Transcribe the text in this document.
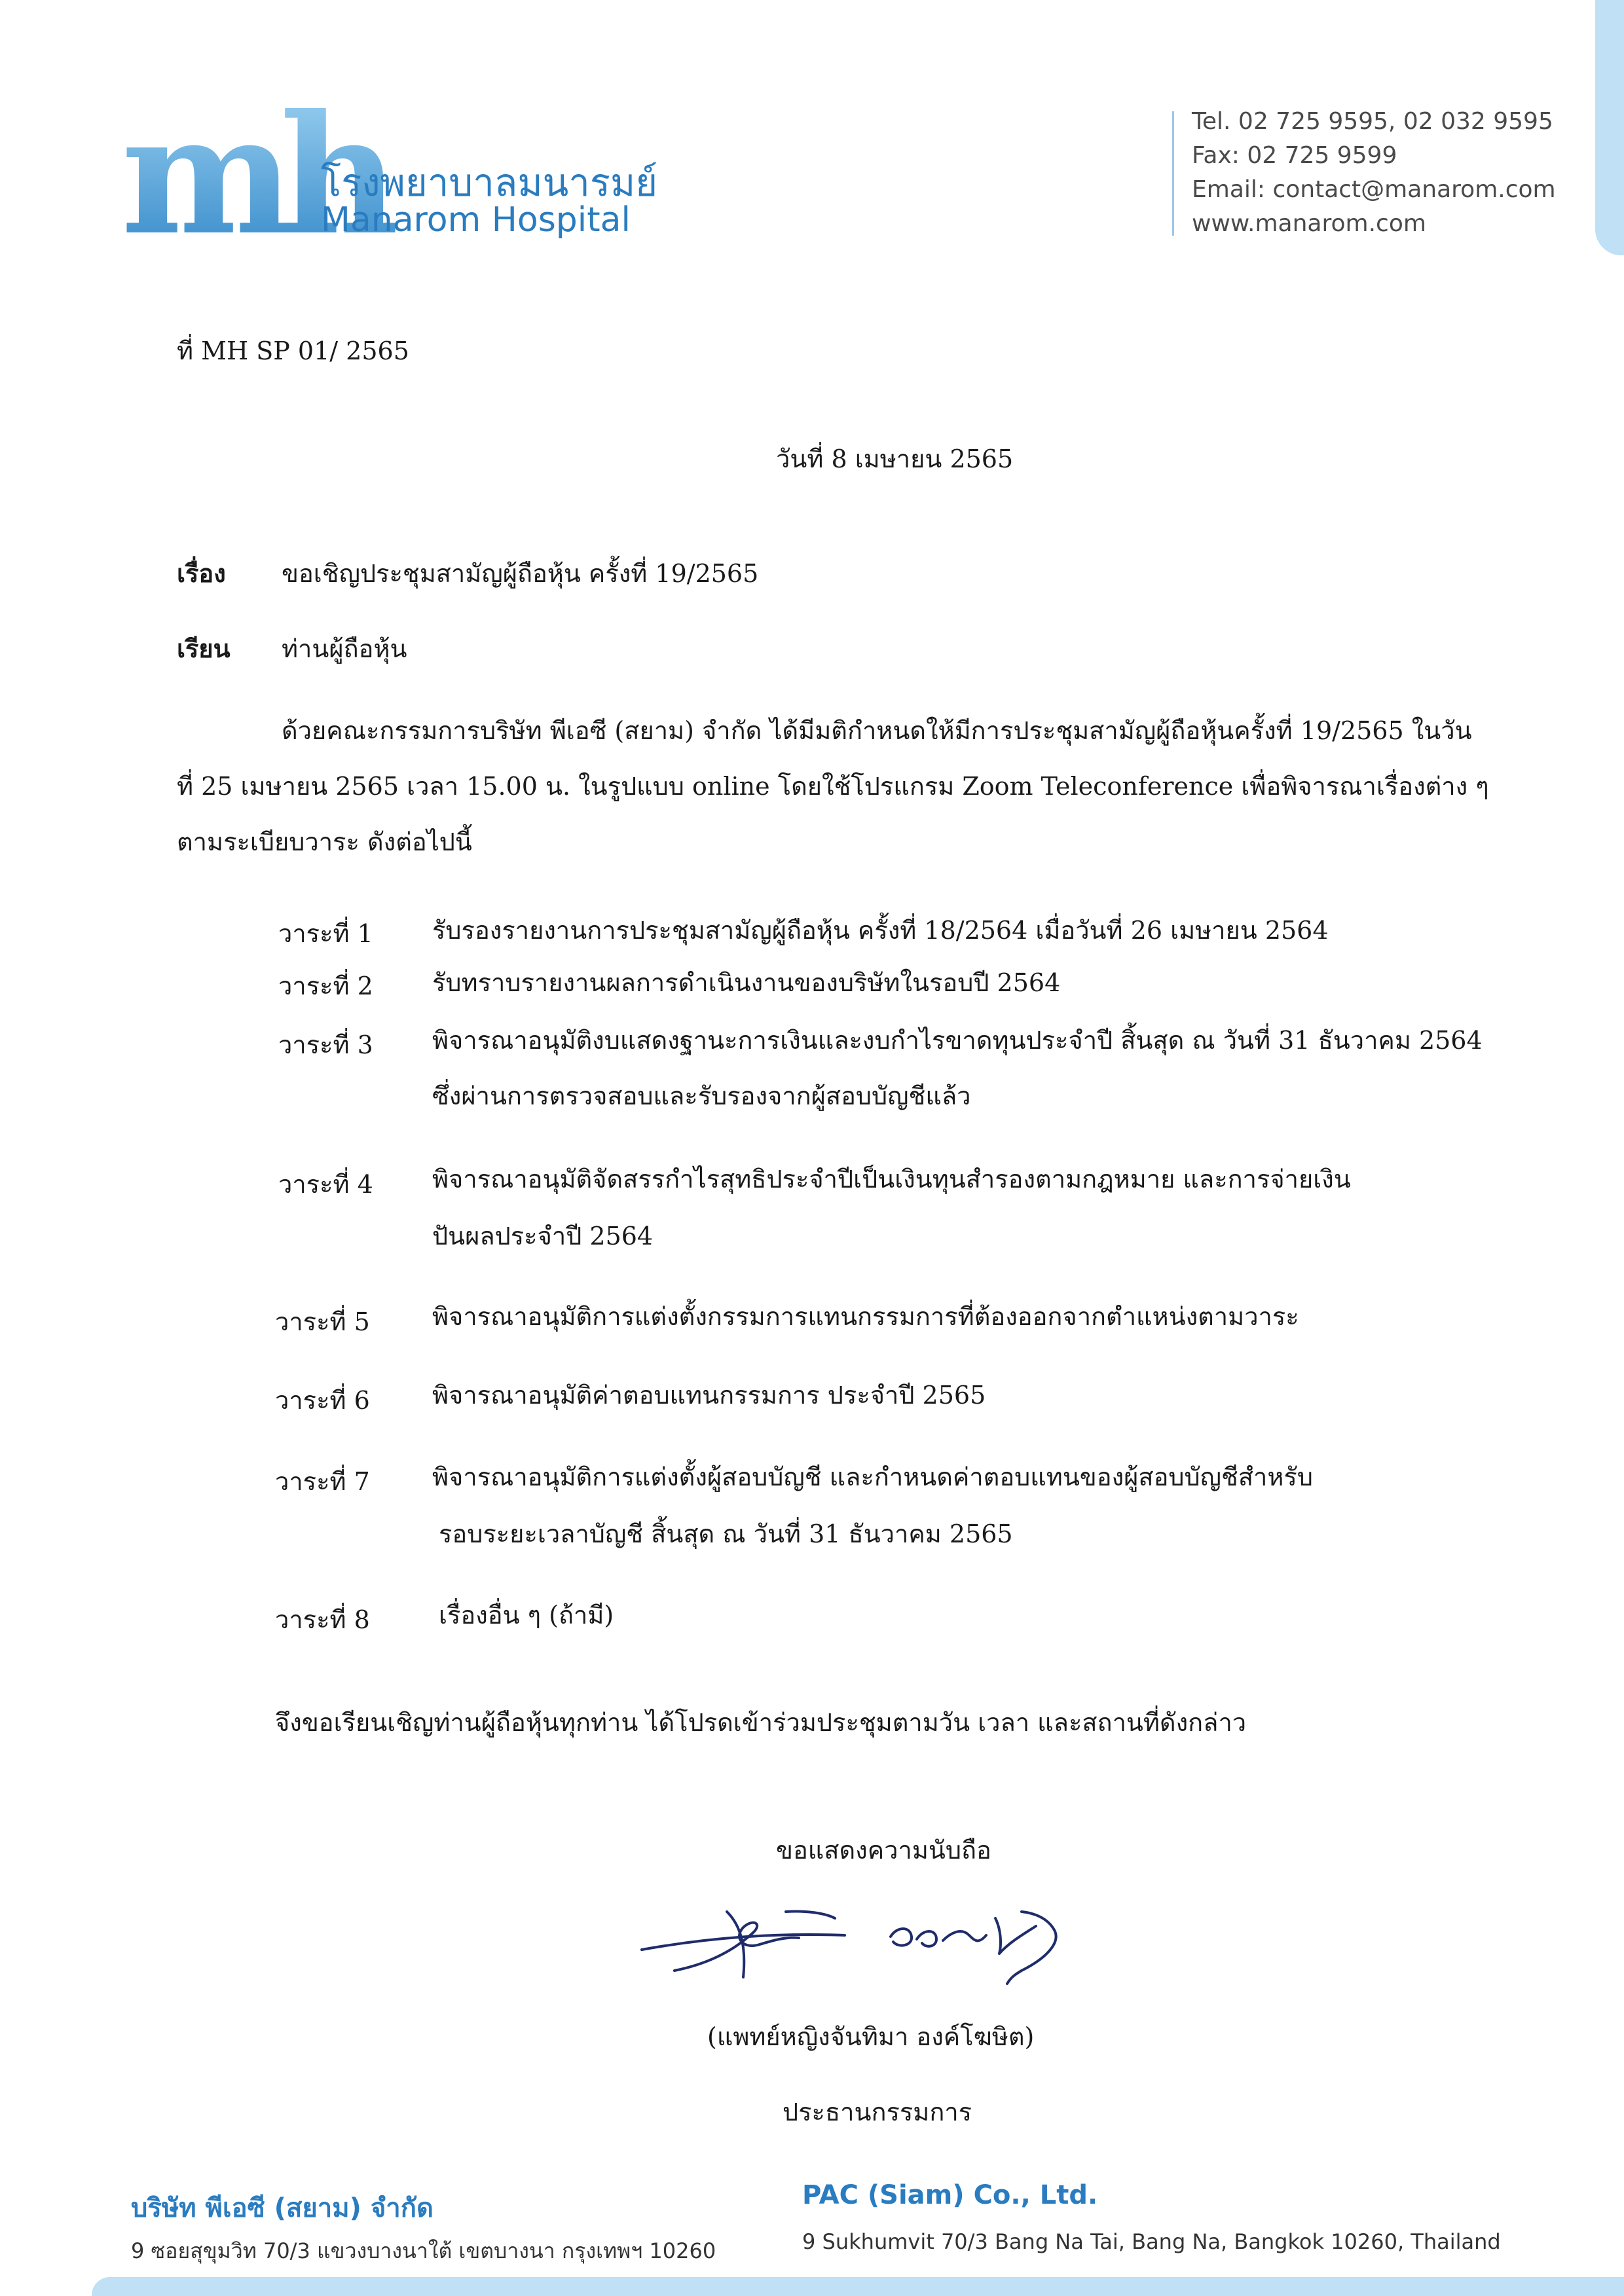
mh
โรงพยาบาลมนารมย์
Manarom Hospital
Tel. 02 725 9595, 02 032 9595
Fax: 02 725 9599
Email: contact@manarom.com
www.manarom.com
ที่ MH SP 01/ 2565
วันที่ 8 เมษายน 2565
เรื่อง ขอเชิญประชุมสามัญผู้ถือหุ้น ครั้งที่ 19/2565
เรียน ท่านผู้ถือหุ้น
ด้วยคณะกรรมการบริษัท พีเอซี (สยาม) จำกัด ได้มีมติกำหนดให้มีการประชุมสามัญผู้ถือหุ้นครั้งที่ 19/2565 ในวัน
ที่ 25 เมษายน 2565 เวลา 15.00 น. ในรูปแบบ online โดยใช้โปรแกรม Zoom Teleconference เพื่อพิจารณาเรื่องต่าง ๆ
ตามระเบียบวาระ ดังต่อไปนี้
วาระที่ 1 รับรองรายงานการประชุมสามัญผู้ถือหุ้น ครั้งที่ 18/2564 เมื่อวันที่ 26 เมษายน 2564
วาระที่ 2 รับทราบรายงานผลการดำเนินงานของบริษัทในรอบปี 2564
วาระที่ 3 พิจารณาอนุมัติงบแสดงฐานะการเงินและงบกำไรขาดทุนประจำปี สิ้นสุด ณ วันที่ 31 ธันวาคม 2564
ซึ่งผ่านการตรวจสอบและรับรองจากผู้สอบบัญชีแล้ว
วาระที่ 4 พิจารณาอนุมัติจัดสรรกำไรสุทธิประจำปีเป็นเงินทุนสำรองตามกฎหมาย และการจ่ายเงิน
ปันผลประจำปี 2564
วาระที่ 5	พิจารณาอนุมัติการแต่งตั้งกรรมการแทนกรรมการที่ต้องออกจากตำแหน่งตามวาระ
วาระที่ 6	พิจารณาอนุมัติค่าตอบแทนกรรมการ ประจำปี 2565
วาระที่ 7	พิจารณาอนุมัติการแต่งตั้งผู้สอบบัญชี และกำหนดค่าตอบแทนของผู้สอบบัญชีสำหรับ
รอบระยะเวลาบัญชี สิ้นสุด ณ วันที่ 31 ธันวาคม 2565
วาระที่ 8	เรื่องอื่น ๆ (ถ้ามี)
จึงขอเรียนเชิญท่านผู้ถือหุ้นทุกท่าน ได้โปรดเข้าร่วมประชุมตามวัน เวลา และสถานที่ดังกล่าว
ขอแสดงความนับถือ
(แพทย์หญิงจันทิมา องค์โฆษิต)
ประธานกรรมการ
บริษัท พีเอซี (สยาม) จำกัด
9 ซอยสุขุมวิท 70/3 แขวงบางนาใต้ เขตบางนา กรุงเทพฯ 10260
PAC (Siam) Co., Ltd.
9 Sukhumvit 70/3 Bang Na Tai, Bang Na, Bangkok 10260, Thailand
